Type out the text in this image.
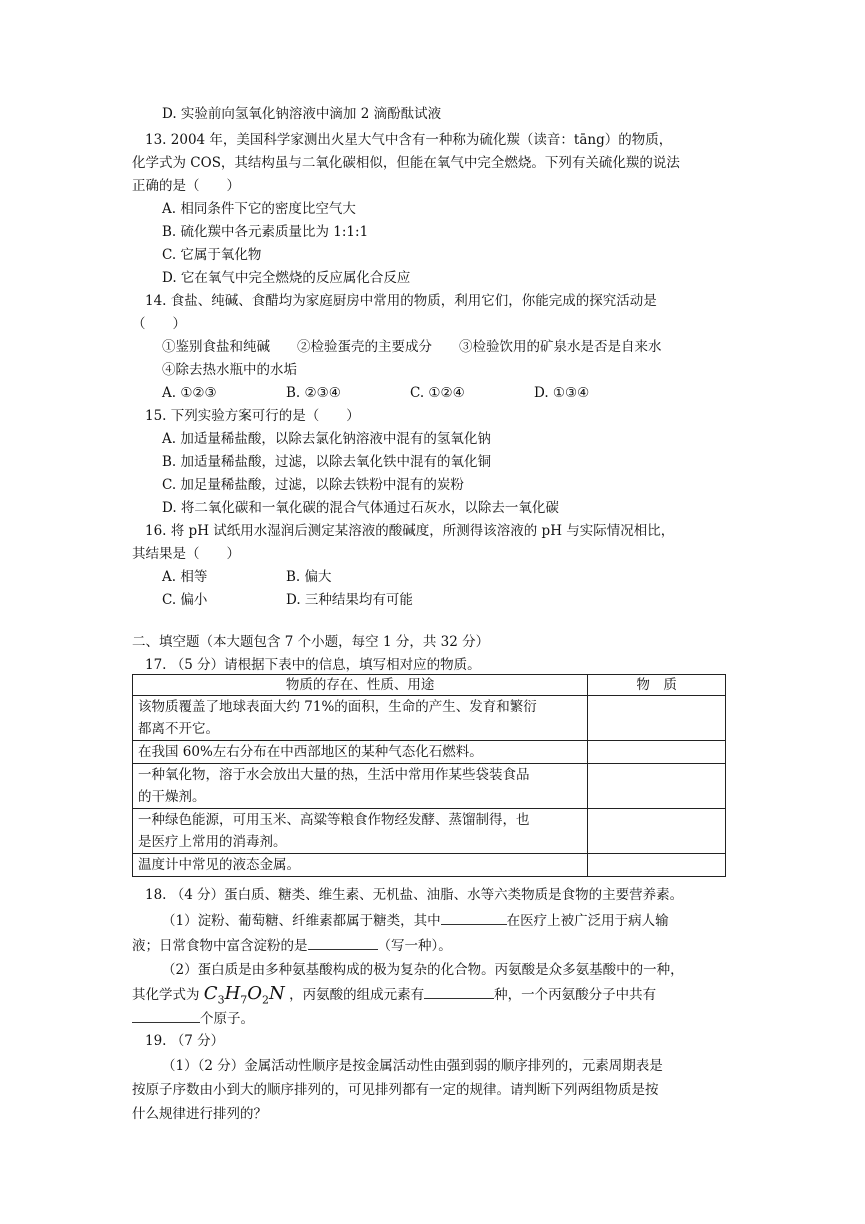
D. 实验前向氢氧化钠溶液中滴加 2 滴酚酞试液
13. 2004 年，美国科学家测出火星大气中含有一种称为硫化羰（读音：tāng）的物质，
化学式为 COS，其结构虽与二氧化碳相似，但能在氧气中完全燃烧。下列有关硫化羰的说法
正确的是（　　）
A. 相同条件下它的密度比空气大
B. 硫化羰中各元素质量比为 1:1:1
C. 它属于氧化物
D. 它在氧气中完全燃烧的反应属化合反应
14. 食盐、纯碱、食醋均为家庭厨房中常用的物质，利用它们，你能完成的探究活动是
（　　）
①鉴别食盐和纯碱　　②检验蛋壳的主要成分　　③检验饮用的矿泉水是否是自来水
④除去热水瓶中的水垢
A. ①②③	B. ②③④	C. ①②④	D. ①③④
15. 下列实验方案可行的是（　　）
A. 加适量稀盐酸，以除去氯化钠溶液中混有的氢氧化钠
B. 加适量稀盐酸，过滤，以除去氧化铁中混有的氧化铜
C. 加足量稀盐酸，过滤，以除去铁粉中混有的炭粉
D. 将二氧化碳和一氧化碳的混合气体通过石灰水，以除去一氧化碳
16. 将 pH 试纸用水湿润后测定某溶液的酸碱度，所测得该溶液的 pH 与实际情况相比，
其结果是（　　）
A. 相等	B. 偏大
C. 偏小	D. 三种结果均有可能
二、填空题（本大题包含 7 个小题，每空 1 分，共 32 分）
17. （5 分）请根据下表中的信息，填写相对应的物质。
物质的存在、性质、用途	物　质

该物质覆盖了地球表面大约 71%的面积，生命的产生、发育和繁衍
都离不开它。	

在我国 60%左右分布在中西部地区的某种气态化石燃料。	

一种氧化物，溶于水会放出大量的热，生活中常用作某些袋装食品
的干燥剂。	

一种绿色能源，可用玉米、高粱等粮食作物经发酵、蒸馏制得，也
是医疗上常用的消毒剂。	

温度计中常见的液态金属。	

18. （4 分）蛋白质、糖类、维生素、无机盐、油脂、水等六类物质是食物的主要营养素。
（1）淀粉、葡萄糖、纤维素都属于糖类，其中	在医疗上被广泛用于病人输
液；日常食物中富含淀粉的是	（写一种）。
（2）蛋白质是由多种氨基酸构成的极为复杂的化合物。丙氨酸是众多氨基酸中的一种，
其化学式为 $C_3H_7O_2N$ ，丙氨酸的组成元素有	种，一个丙氨酸分子中共有
个原子。
19. （7 分）
（1）（2 分）金属活动性顺序是按金属活动性由强到弱的顺序排列的，元素周期表是
按原子序数由小到大的顺序排列的，可见排列都有一定的规律。请判断下列两组物质是按
什么规律进行排列的？
